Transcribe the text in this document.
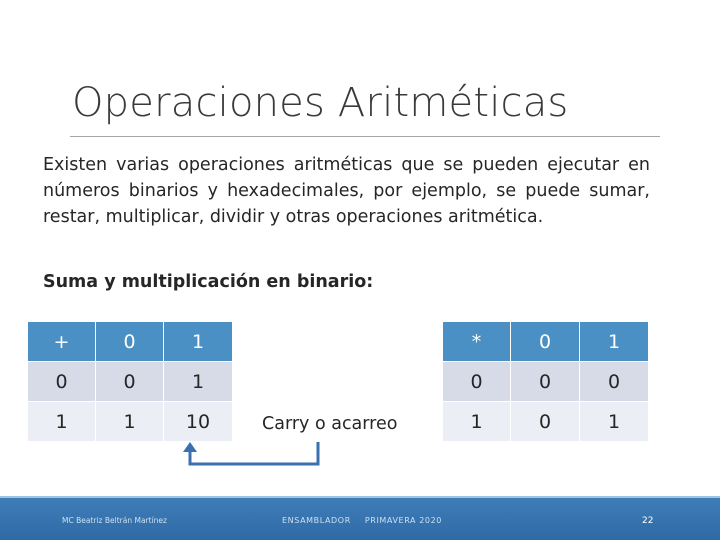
Operaciones Aritméticas
Existen varias operaciones aritméticas que se pueden ejecutar en números binarios y hexadecimales, por ejemplo, se puede sumar, restar, multiplicar, dividir y otras operaciones aritmética.
Suma y multiplicación en binario:
+	0	1
0	0	1
1	1	10
*	0	1
0	0	0
1	0	1
Carry o acarreo
MC Beatriz Beltrán Martínez	ENSAMBLADOR PRIMAVERA 2020	22
